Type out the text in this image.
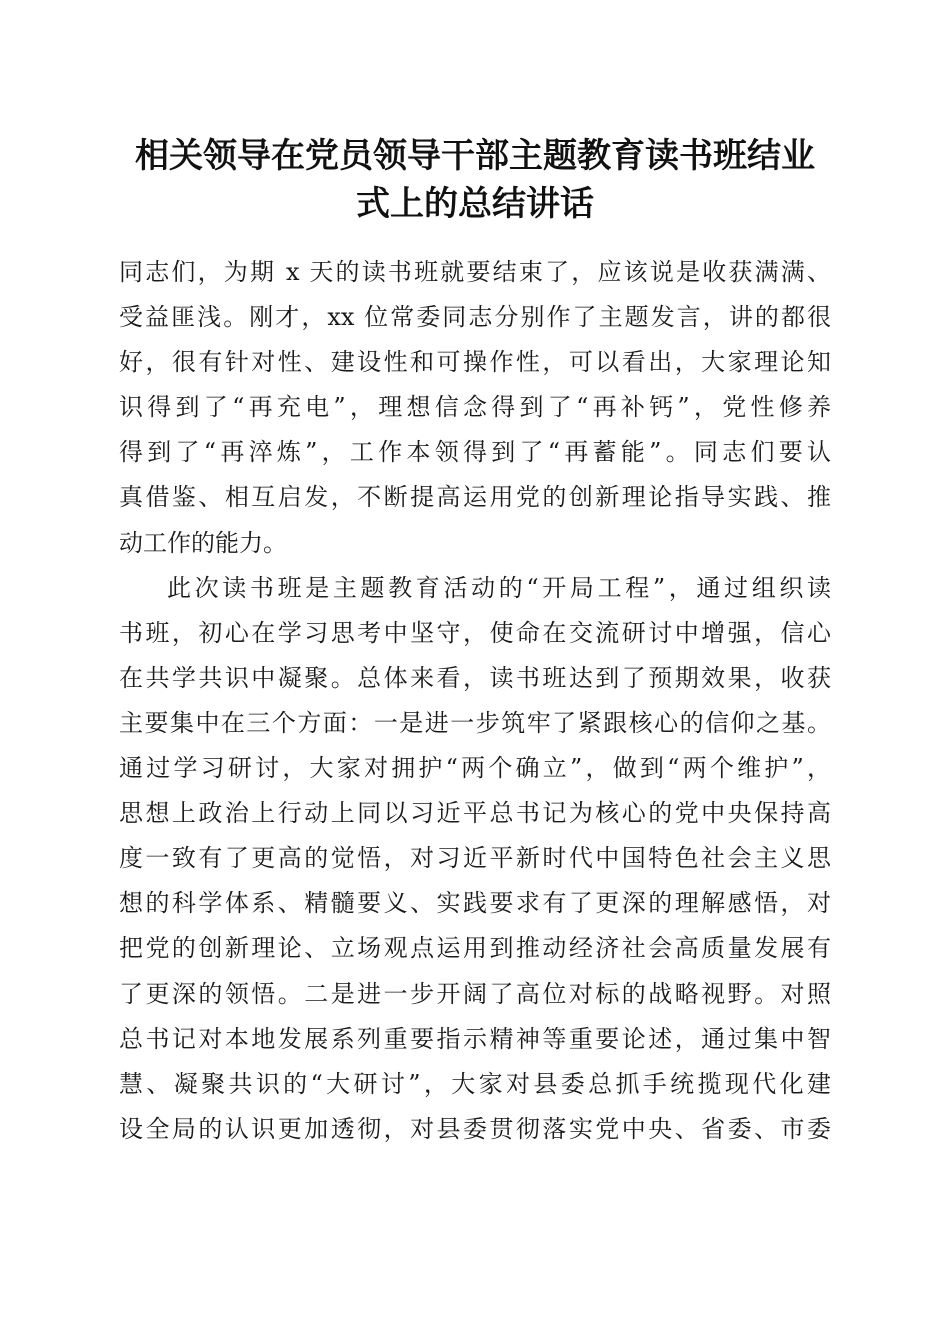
相关领导在党员领导干部主题教育读书班结业
式上的总结讲话
同志们，为期 x 天的读书班就要结束了，应该说是收获满满、
受益匪浅。刚才，xx 位常委同志分别作了主题发言，讲的都很
好，很有针对性、建设性和可操作性，可以看出，大家理论知
识得到了“再充电”，理想信念得到了“再补钙”，党性修养
得到了“再淬炼”，工作本领得到了“再蓄能”。同志们要认
真借鉴、相互启发，不断提高运用党的创新理论指导实践、推
动工作的能力。
此次读书班是主题教育活动的“开局工程”，通过组织读
书班，初心在学习思考中坚守，使命在交流研讨中增强，信心
在共学共识中凝聚。总体来看，读书班达到了预期效果，收获
主要集中在三个方面：一是进一步筑牢了紧跟核心的信仰之基。
通过学习研讨，大家对拥护“两个确立”，做到“两个维护”，
思想上政治上行动上同以习近平总书记为核心的党中央保持高
度一致有了更高的觉悟，对习近平新时代中国特色社会主义思
想的科学体系、精髓要义、实践要求有了更深的理解感悟，对
把党的创新理论、立场观点运用到推动经济社会高质量发展有
了更深的领悟。二是进一步开阔了高位对标的战略视野。对照
总书记对本地发展系列重要指示精神等重要论述，通过集中智
慧、凝聚共识的“大研讨”，大家对县委总抓手统揽现代化建
设全局的认识更加透彻，对县委贯彻落实党中央、省委、市委
